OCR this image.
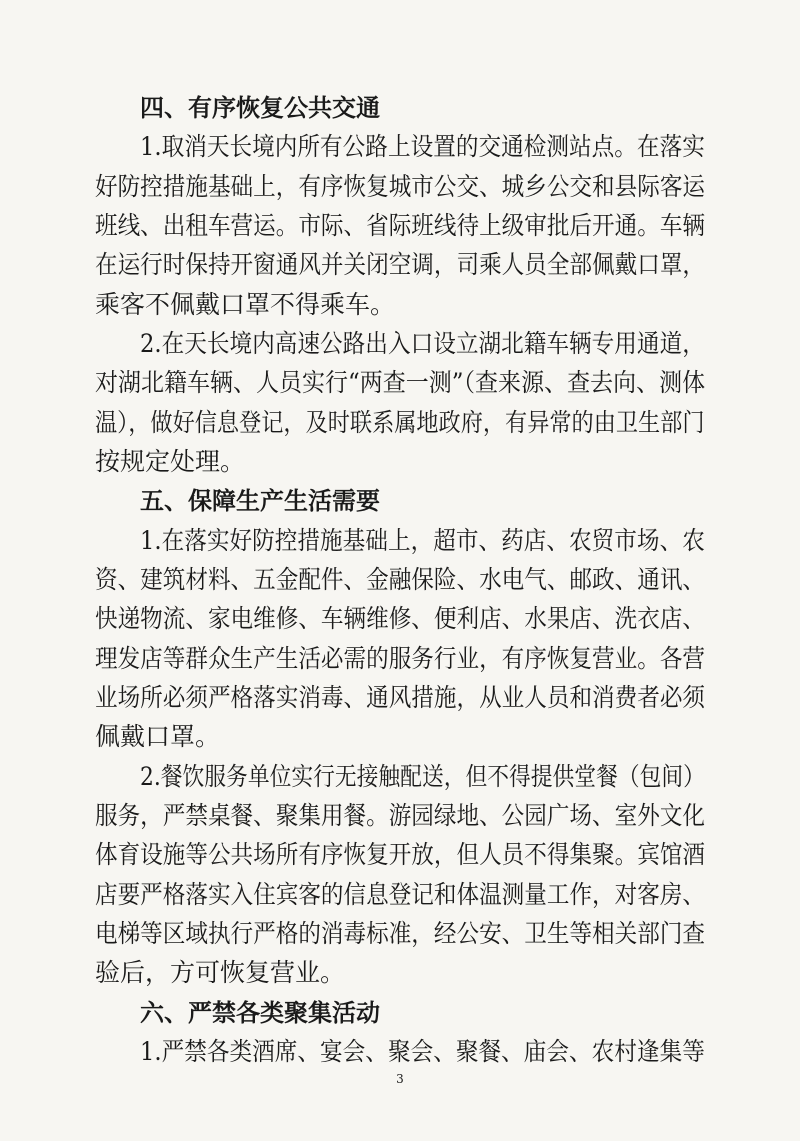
四、有序恢复公共交通
1.取消天长境内所有公路上设置的交通检测站点。在落实
好防控措施基础上，有序恢复城市公交、城乡公交和县际客运
班线、出租车营运。市际、省际班线待上级审批后开通。车辆
在运行时保持开窗通风并关闭空调，司乘人员全部佩戴口罩，
乘客不佩戴口罩不得乘车。
2.在天长境内高速公路出入口设立湖北籍车辆专用通道，
对湖北籍车辆、人员实行“两查一测”（查来源、查去向、测体
温），做好信息登记，及时联系属地政府，有异常的由卫生部门
按规定处理。
五、保障生产生活需要
1.在落实好防控措施基础上，超市、药店、农贸市场、农
资、建筑材料、五金配件、金融保险、水电气、邮政、通讯、
快递物流、家电维修、车辆维修、便利店、水果店、洗衣店、
理发店等群众生产生活必需的服务行业，有序恢复营业。各营
业场所必须严格落实消毒、通风措施，从业人员和消费者必须
佩戴口罩。
2.餐饮服务单位实行无接触配送，但不得提供堂餐（包间）
服务，严禁桌餐、聚集用餐。游园绿地、公园广场、室外文化
体育设施等公共场所有序恢复开放，但人员不得集聚。宾馆酒
店要严格落实入住宾客的信息登记和体温测量工作，对客房、
电梯等区域执行严格的消毒标准，经公安、卫生等相关部门查
验后，方可恢复营业。
六、严禁各类聚集活动
1.严禁各类酒席、宴会、聚会、聚餐、庙会、农村逢集等
3
